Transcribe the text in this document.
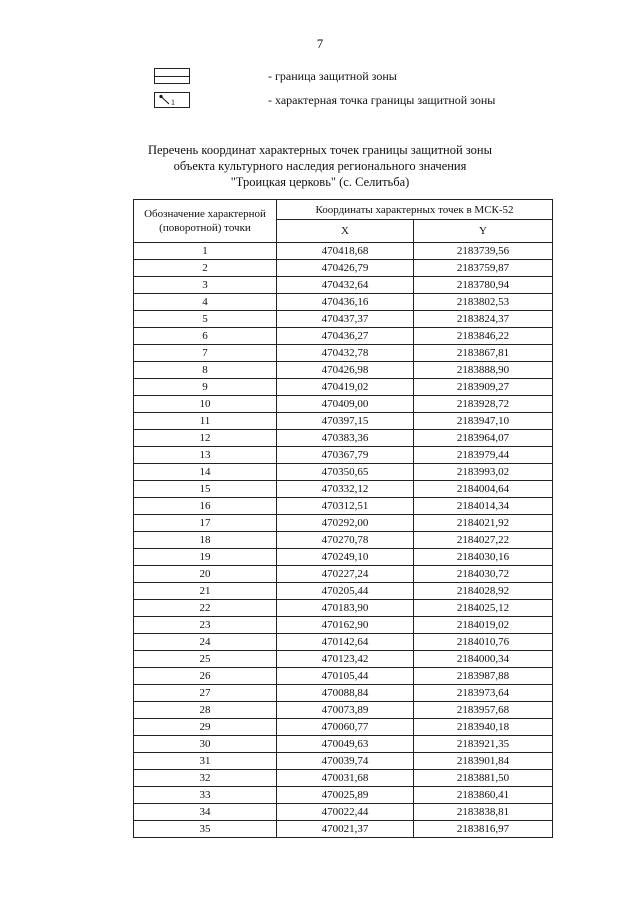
7
- граница защитной зоны
1	- характерная точка границы защитной зоны
Перечень координат характерных точек границы защитной зоны
объекта культурного наследия регионального значения
"Троицкая церковь" (с. Селитьба)
Обозначение характерной (поворотной) точки	Координаты характерных точек в МСК-52	
	X	Y
1	470418,68	2183739,56
2	470426,79	2183759,87
3	470432,64	2183780,94
4	470436,16	2183802,53
5	470437,37	2183824,37
6	470436,27	2183846,22
7	470432,78	2183867,81
8	470426,98	2183888,90
9	470419,02	2183909,27
10	470409,00	2183928,72
11	470397,15	2183947,10
12	470383,36	2183964,07
13	470367,79	2183979,44
14	470350,65	2183993,02
15	470332,12	2184004,64
16	470312,51	2184014,34
17	470292,00	2184021,92
18	470270,78	2184027,22
19	470249,10	2184030,16
20	470227,24	2184030,72
21	470205,44	2184028,92
22	470183,90	2184025,12
23	470162,90	2184019,02
24	470142,64	2184010,76
25	470123,42	2184000,34
26	470105,44	2183987,88
27	470088,84	2183973,64
28	470073,89	2183957,68
29	470060,77	2183940,18
30	470049,63	2183921,35
31	470039,74	2183901,84
32	470031,68	2183881,50
33	470025,89	2183860,41
34	470022,44	2183838,81
35	470021,37	2183816,97
